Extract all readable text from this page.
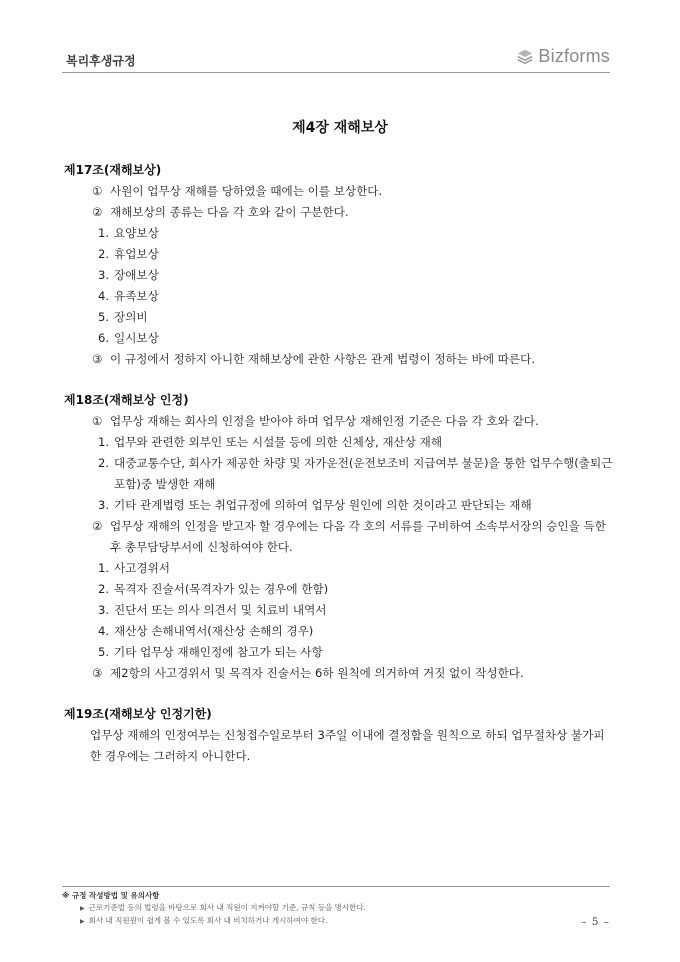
복리후생규정	Bizforms
제4장 재해보상
제17조(재해보상)
① 사원이 업무상 재해를 당하였을 때에는 이를 보상한다.
② 재해보상의 종류는 다음 각 호와 같이 구분한다.
1. 요양보상
2. 휴업보상
3. 장애보상
4. 유족보상
5. 장의비
6. 일시보상
③ 이 규정에서 정하지 아니한 재해보상에 관한 사항은 관계 법령이 정하는 바에 따른다.
제18조(재해보상 인정)
① 업무상 재해는 회사의 인정을 받아야 하며 업무상 재해인정 기준은 다음 각 호와 같다.
1. 업무와 관련한 외부인 또는 시설물 등에 의한 신체상, 재산상 재해
2. 대중교통수단, 회사가 제공한 차량 및 자가운전(운전보조비 지급여부 불문)을 통한 업무수행(출퇴근포함)중 발생한 재해
3. 기타 관계법령 또는 취업규정에 의하여 업무상 원인에 의한 것이라고 판단되는 재해
② 업무상 재해의 인정을 받고자 할 경우에는 다음 각 호의 서류를 구비하여 소속부서장의 승인을 득한 후 총무담당부서에 신청하여야 한다.
1. 사고경위서
2. 목격자 진술서(목격자가 있는 경우에 한함)
3. 진단서 또는 의사 의견서 및 치료비 내역서
4. 재산상 손해내역서(재산상 손해의 경우)
5. 기타 업무상 재해인정에 참고가 되는 사항
③ 제2항의 사고경위서 및 목격자 진술서는 6하 원칙에 의거하여 거짓 없이 작성한다.
제19조(재해보상 인정기한)
업무상 재해의 인정여부는 신청접수일로부터 3주일 이내에 결정함을 원칙으로 하되 업무절차상 불가피한 경우에는 그러하지 아니한다.
※ 규정 작성방법 및 유의사항
▶ 근로기준법 등의 법령을 바탕으로 회사 내 직원이 지켜야할 기준, 규칙 등을 명시한다.
▶ 회사 내 직원원이 쉽게 볼 수 있도록 회사 내 비치하거나 게시하여야 한다.	– 5 –
